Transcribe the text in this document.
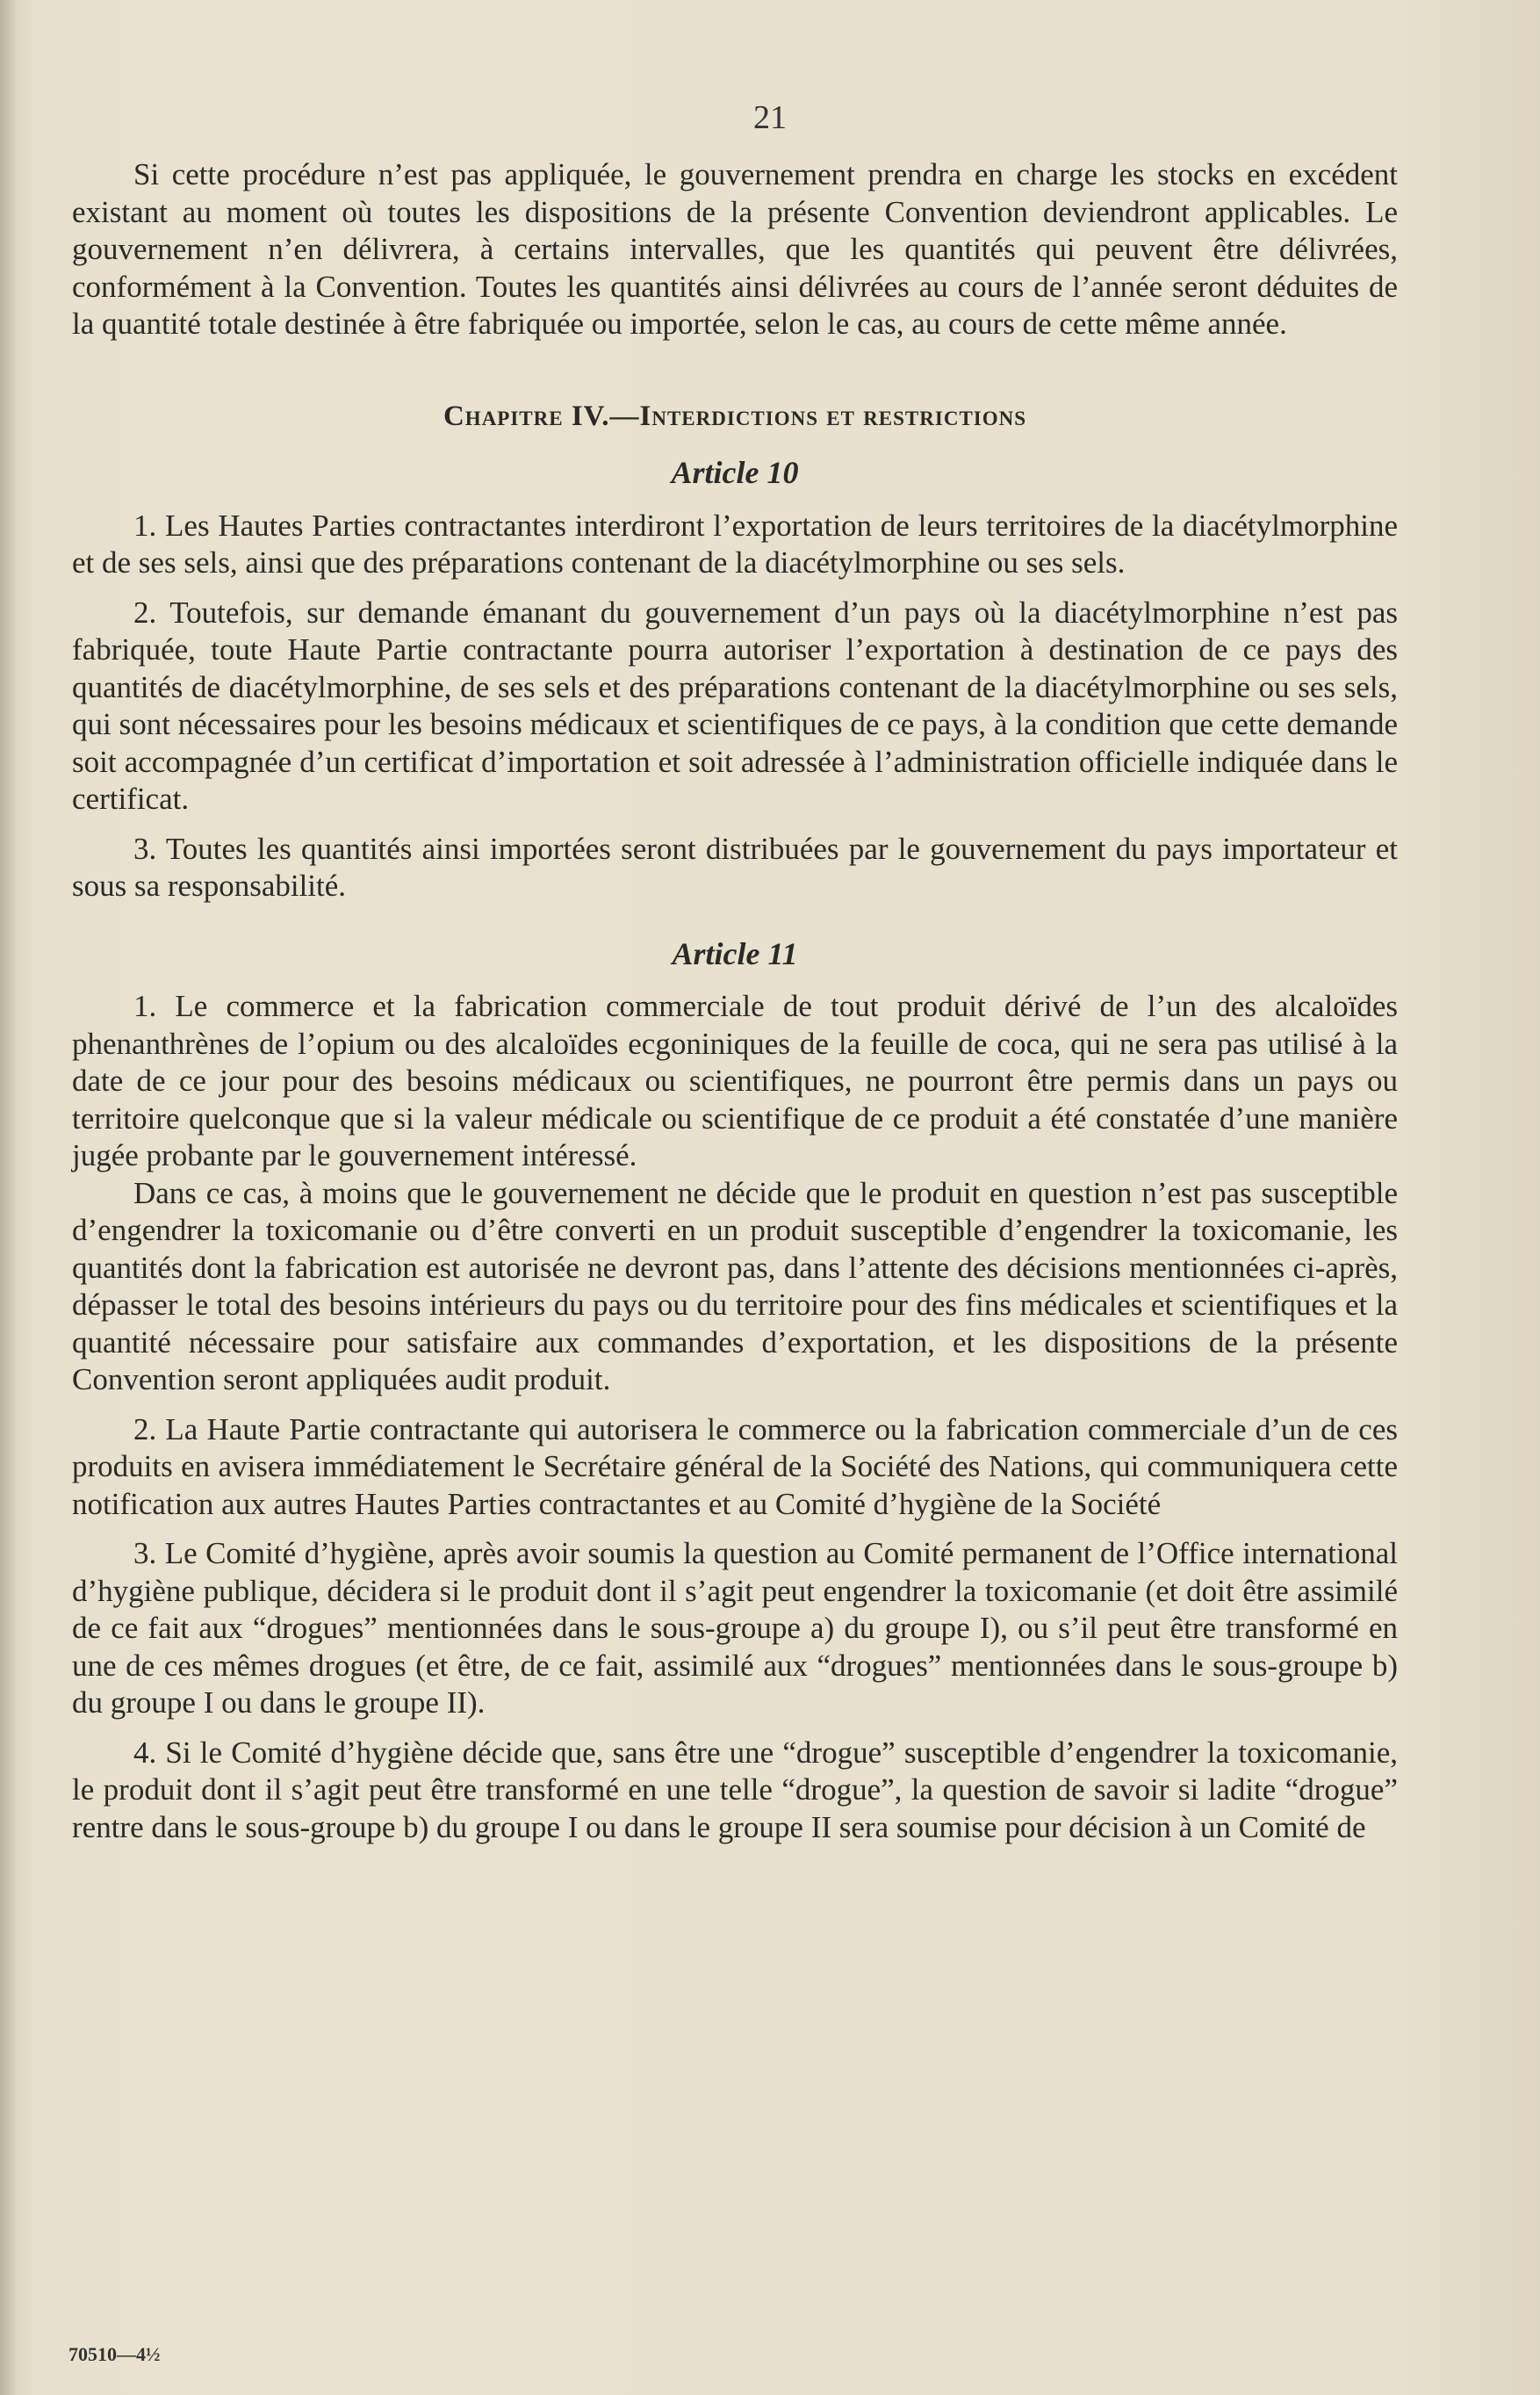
21

Si cette procédure n’est pas appliquée, le gouvernement prendra en charge les stocks en excédent existant au moment où toutes les dispositions de la présente Convention deviendront applicables. Le gouvernement n’en délivrera, à certains intervalles, que les quantités qui peuvent être délivrées, conformément à la Convention. Toutes les quantités ainsi délivrées au cours de l’année seront déduites de la quantité totale destinée à être fabriquée ou importée, selon le cas, au cours de cette même année.

Chapitre IV.—Interdictions et restrictions
Article 10

1. Les Hautes Parties contractantes interdiront l’exportation de leurs territoires de la diacétylmorphine et de ses sels, ainsi que des préparations contenant de la diacétylmorphine ou ses sels.

2. Toutefois, sur demande émanant du gouvernement d’un pays où la diacétylmorphine n’est pas fabriquée, toute Haute Partie contractante pourra autoriser l’exportation à destination de ce pays des quantités de diacétylmorphine, de ses sels et des préparations contenant de la diacétylmorphine ou ses sels, qui sont nécessaires pour les besoins médicaux et scientifiques de ce pays, à la condition que cette demande soit accompagnée d’un certificat d’importation et soit adressée à l’administration officielle indiquée dans le certificat.

3. Toutes les quantités ainsi importées seront distribuées par le gouvernement du pays importateur et sous sa responsabilité.

Article 11

1. Le commerce et la fabrication commerciale de tout produit dérivé de l’un des alcaloïdes phenanthrènes de l’opium ou des alcaloïdes ecgoniniques de la feuille de coca, qui ne sera pas utilisé à la date de ce jour pour des besoins médicaux ou scientifiques, ne pourront être permis dans un pays ou territoire quelconque que si la valeur médicale ou scientifique de ce produit a été constatée d’une manière jugée probante par le gouvernement intéressé.

Dans ce cas, à moins que le gouvernement ne décide que le produit en question n’est pas susceptible d’engendrer la toxicomanie ou d’être converti en un produit susceptible d’engendrer la toxicomanie, les quantités dont la fabrication est autorisée ne devront pas, dans l’attente des décisions mentionnées ci-après, dépasser le total des besoins intérieurs du pays ou du territoire pour des fins médicales et scientifiques et la quantité nécessaire pour satisfaire aux commandes d’exportation, et les dispositions de la présente Convention seront appliquées audit produit.

2. La Haute Partie contractante qui autorisera le commerce ou la fabrication commerciale d’un de ces produits en avisera immédiatement le Secrétaire général de la Société des Nations, qui communiquera cette notification aux autres Hautes Parties contractantes et au Comité d’hygiène de la Société

3. Le Comité d’hygiène, après avoir soumis la question au Comité permanent de l’Office international d’hygiène publique, décidera si le produit dont il s’agit peut engendrer la toxicomanie (et doit être assimilé de ce fait aux “drogues” mentionnées dans le sous-groupe a) du groupe I), ou s’il peut être transformé en une de ces mêmes drogues (et être, de ce fait, assimilé aux “drogues” mentionnées dans le sous-groupe b) du groupe I ou dans le groupe II).

4. Si le Comité d’hygiène décide que, sans être une “drogue” susceptible d’engendrer la toxicomanie, le produit dont il s’agit peut être transformé en une telle “drogue”, la question de savoir si ladite “drogue” rentre dans le sous-groupe b) du groupe I ou dans le groupe II sera soumise pour décision à un Comité de

70510—4½
